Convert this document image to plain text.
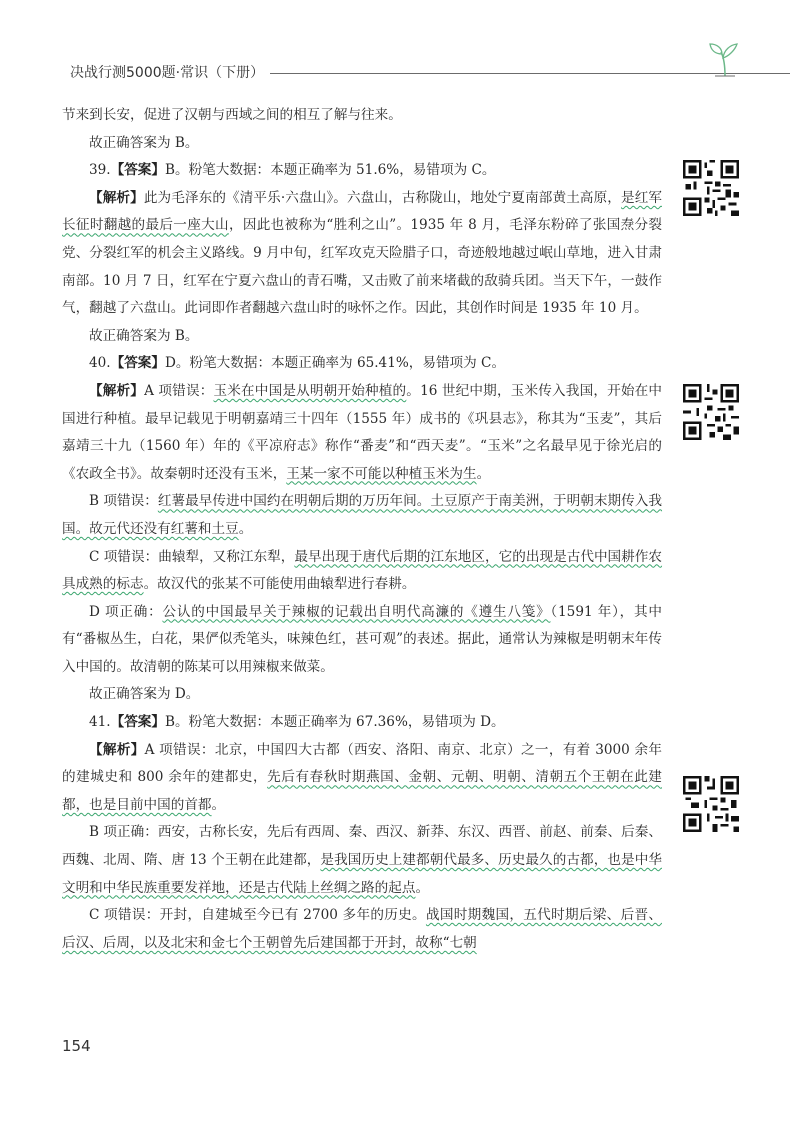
决战行测5000题·常识（下册）

节来到长安，促进了汉朝与西域之间的相互了解与往来。

故正确答案为 B。

39.【答案】B。粉笔大数据：本题正确率为 51.6%，易错项为 C。

【解析】此为毛泽东的《清平乐·六盘山》。六盘山，古称陇山，地处宁夏南部黄土高原，是红军长征时翻越的最后一座大山，因此也被称为“胜利之山”。1935 年 8 月，毛泽东粉碎了张国焘分裂党、分裂红军的机会主义路线。9 月中旬，红军攻克天险腊子口，奇迹般地越过岷山草地，进入甘肃南部。10 月 7 日，红军在宁夏六盘山的青石嘴，又击败了前来堵截的敌骑兵团。当天下午，一鼓作气，翻越了六盘山。此词即作者翻越六盘山时的咏怀之作。因此，其创作时间是 1935 年 10 月。

故正确答案为 B。

40.【答案】D。粉笔大数据：本题正确率为 65.41%，易错项为 C。

【解析】A 项错误：玉米在中国是从明朝开始种植的。16 世纪中期，玉米传入我国，开始在中国进行种植。最早记载见于明朝嘉靖三十四年（1555 年）成书的《巩县志》，称其为“玉麦”，其后嘉靖三十九（1560 年）年的《平凉府志》称作“番麦”和“西天麦”。“玉米”之名最早见于徐光启的《农政全书》。故秦朝时还没有玉米，王某一家不可能以种植玉米为生。

B 项错误：红薯最早传进中国约在明朝后期的万历年间。土豆原产于南美洲，于明朝末期传入我国。故元代还没有红薯和土豆。

C 项错误：曲辕犁，又称江东犁，最早出现于唐代后期的江东地区，它的出现是古代中国耕作农具成熟的标志。故汉代的张某不可能使用曲辕犁进行春耕。

D 项正确：公认的中国最早关于辣椒的记载出自明代高濂的《遵生八笺》（1591 年），其中有“番椒丛生，白花，果俨似秃笔头，味辣色红，甚可观”的表述。据此，通常认为辣椒是明朝末年传入中国的。故清朝的陈某可以用辣椒来做菜。

故正确答案为 D。

41.【答案】B。粉笔大数据：本题正确率为 67.36%，易错项为 D。

【解析】A 项错误：北京，中国四大古都（西安、洛阳、南京、北京）之一，有着 3000 余年的建城史和 800 余年的建都史，先后有春秋时期燕国、金朝、元朝、明朝、清朝五个王朝在此建都，也是目前中国的首都。

B 项正确：西安，古称长安，先后有西周、秦、西汉、新莽、东汉、西晋、前赵、前秦、后秦、西魏、北周、隋、唐 13 个王朝在此建都，是我国历史上建都朝代最多、历史最久的古都，也是中华文明和中华民族重要发祥地，还是古代陆上丝绸之路的起点。

C 项错误：开封，自建城至今已有 2700 多年的历史。战国时期魏国，五代时期后梁、后晋、后汉、后周，以及北宋和金七个王朝曾先后建国都于开封，故称“七朝

154
